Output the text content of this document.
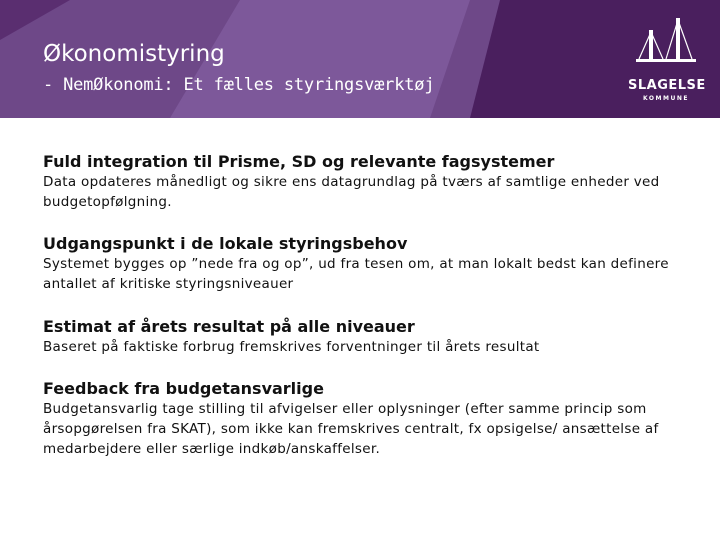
Økonomistyring
- NemØkonomi: Et fælles styringsværktøj	SLAGELSE
KOMMUNE

Fuld integration til Prisme, SD og relevante fagsystemer

Data opdateres månedligt og sikre ens datagrundlag på tværs af samtlige enheder ved budgetopfølgning.

Udgangspunkt i de lokale styringsbehov

Systemet bygges op ”nede fra og op”, ud fra tesen om, at man lokalt bedst kan definere antallet af kritiske styringsniveauer

Estimat af årets resultat på alle niveauer

Baseret på faktiske forbrug fremskrives forventninger til årets resultat

Feedback fra budgetansvarlige

Budgetansvarlig tage stilling til afvigelser eller oplysninger (efter samme princip som årsopgørelsen fra SKAT), som ikke kan fremskrives centralt, fx opsigelse/ ansættelse af medarbejdere eller særlige indkøb/anskaffelser.
